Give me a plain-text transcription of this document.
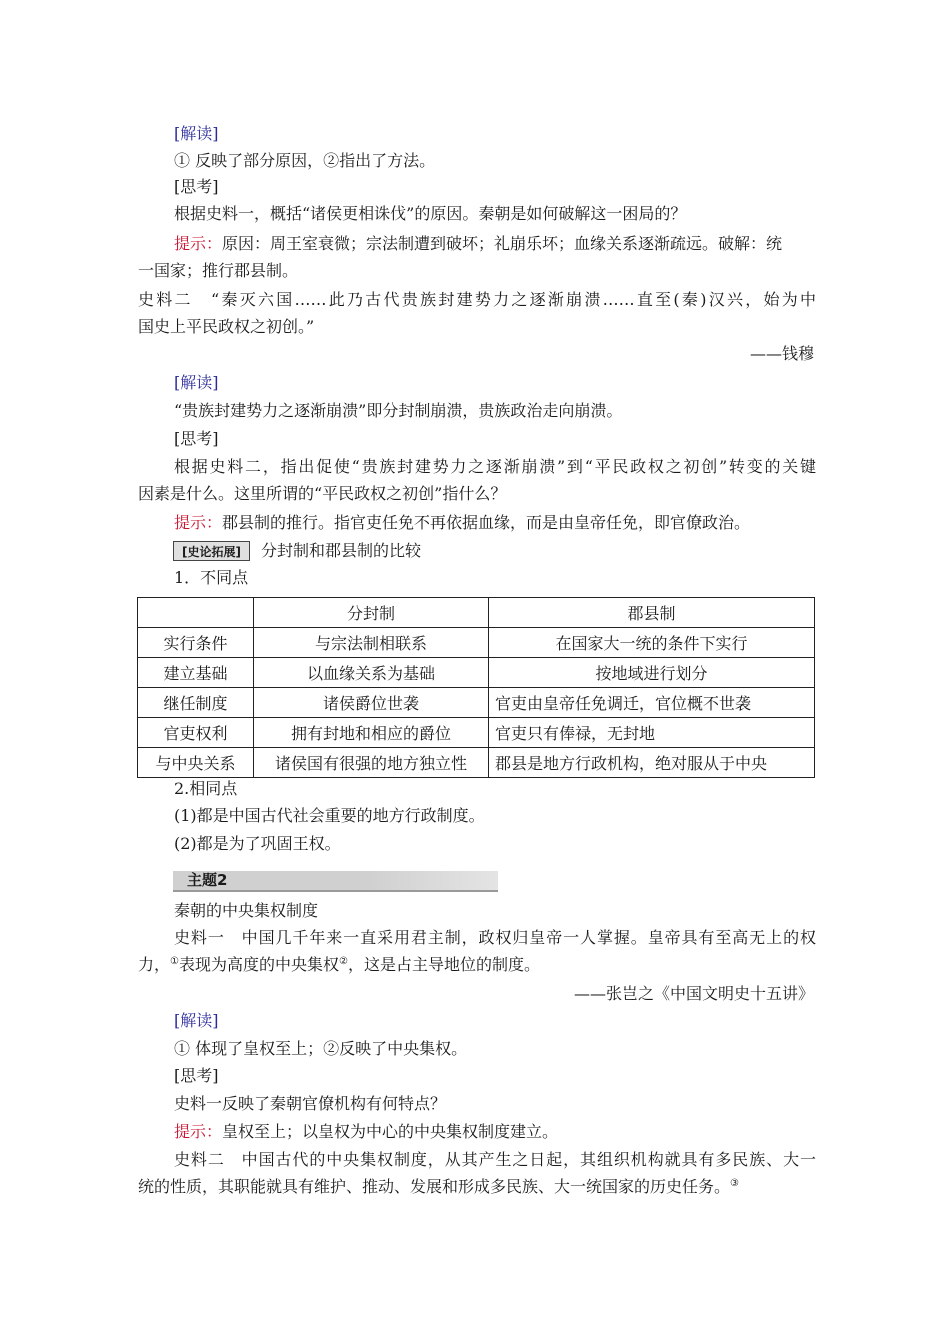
[解读]
① 反映了部分原因，②指出了方法。
[思考]
根据史料一，概括“诸侯更相诛伐”的原因。秦朝是如何破解这一困局的？
提示：原因：周王室衰微；宗法制遭到破坏；礼崩乐坏；血缘关系逐渐疏远。破解：统
一国家；推行郡县制。
史料二　“秦灭六国……此乃古代贵族封建势力之逐渐崩溃……直至(秦)汉兴，始为中
国史上平民政权之初创。”
——钱穆
[解读]
“贵族封建势力之逐渐崩溃”即分封制崩溃，贵族政治走向崩溃。
[思考]
根据史料二，指出促使“贵族封建势力之逐渐崩溃”到“平民政权之初创”转变的关键
因素是什么。这里所谓的“平民政权之初创”指什么？
提示：郡县制的推行。指官吏任免不再依据血缘，而是由皇帝任免，即官僚政治。
[史论拓展]	分封制和郡县制的比较
1．不同点
	分封制	郡县制
实行条件	与宗法制相联系	在国家大一统的条件下实行
建立基础	以血缘关系为基础	按地域进行划分
继任制度	诸侯爵位世袭	官吏由皇帝任免调迁，官位概不世袭
官吏权利	拥有封地和相应的爵位	官吏只有俸禄，无封地
与中央关系	诸侯国有很强的地方独立性	郡县是地方行政机构，绝对服从于中央
2.相同点
(1)都是中国古代社会重要的地方行政制度。
(2)都是为了巩固王权。
主题2
秦朝的中央集权制度
史料一　中国几千年来一直采用君主制，政权归皇帝一人掌握。皇帝具有至高无上的权
力，①表现为高度的中央集权②，这是占主导地位的制度。
——张岂之《中国文明史十五讲》
[解读]
① 体现了皇权至上；②反映了中央集权。
[思考]
史料一反映了秦朝官僚机构有何特点？
提示：皇权至上；以皇权为中心的中央集权制度建立。
史料二　中国古代的中央集权制度，从其产生之日起，其组织机构就具有多民族、大一
统的性质，其职能就具有维护、推动、发展和形成多民族、大一统国家的历史任务。③
